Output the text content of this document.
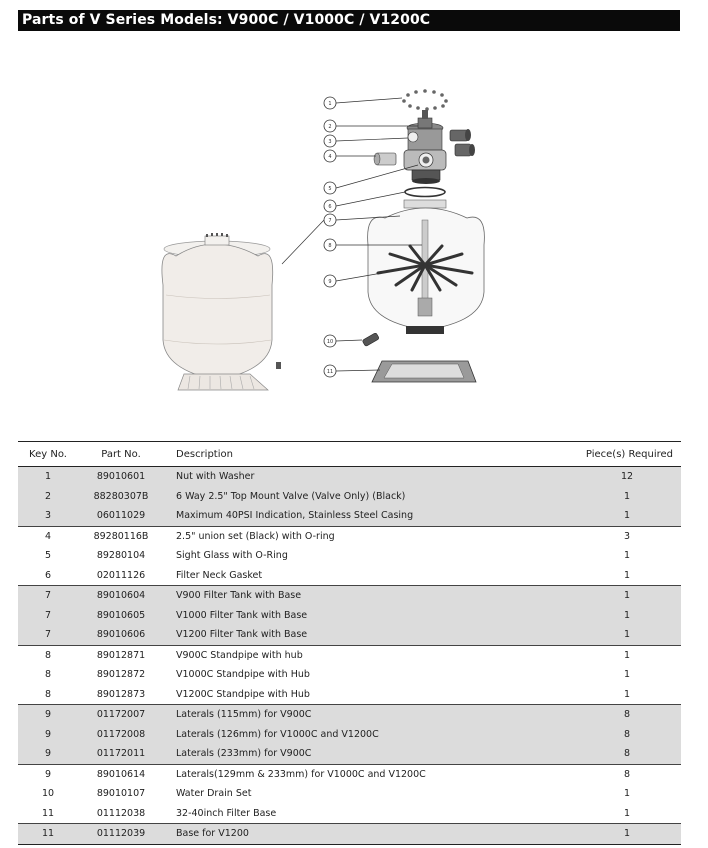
Parts of V Series Models: V900C / V1000C / V1200C
1
2
3
4
5
6
7
8
9
10
11
Key No.	Part No.	Description	Piece(s) Required
1	89010601	Nut with Washer	12
2	88280307B	6 Way 2.5" Top Mount Valve (Valve Only) (Black)	1
3	06011029	Maximum 40PSI Indication, Stainless Steel Casing	1
4	89280116B	2.5" union set (Black) with O-ring	3
5	89280104	Sight Glass with O-Ring	1
6	02011126	Filter Neck Gasket	1
7	89010604	V900 Filter Tank with Base	1
7	89010605	V1000 Filter Tank with Base	1
7	89010606	V1200 Filter Tank with Base	1
8	89012871	V900C Standpipe with hub	1
8	89012872	V1000C Standpipe with Hub	1
8	89012873	V1200C Standpipe with Hub	1
9	01172007	Laterals (115mm) for V900C	8
9	01172008	Laterals (126mm) for V1000C and V1200C	8
9	01172011	Laterals (233mm) for V900C	8
9	89010614	Laterals(129mm & 233mm) for V1000C and V1200C	8
10	89010107	Water Drain Set	1
11	01112038	32-40inch Filter Base	1
11	01112039	Base for V1200	1
